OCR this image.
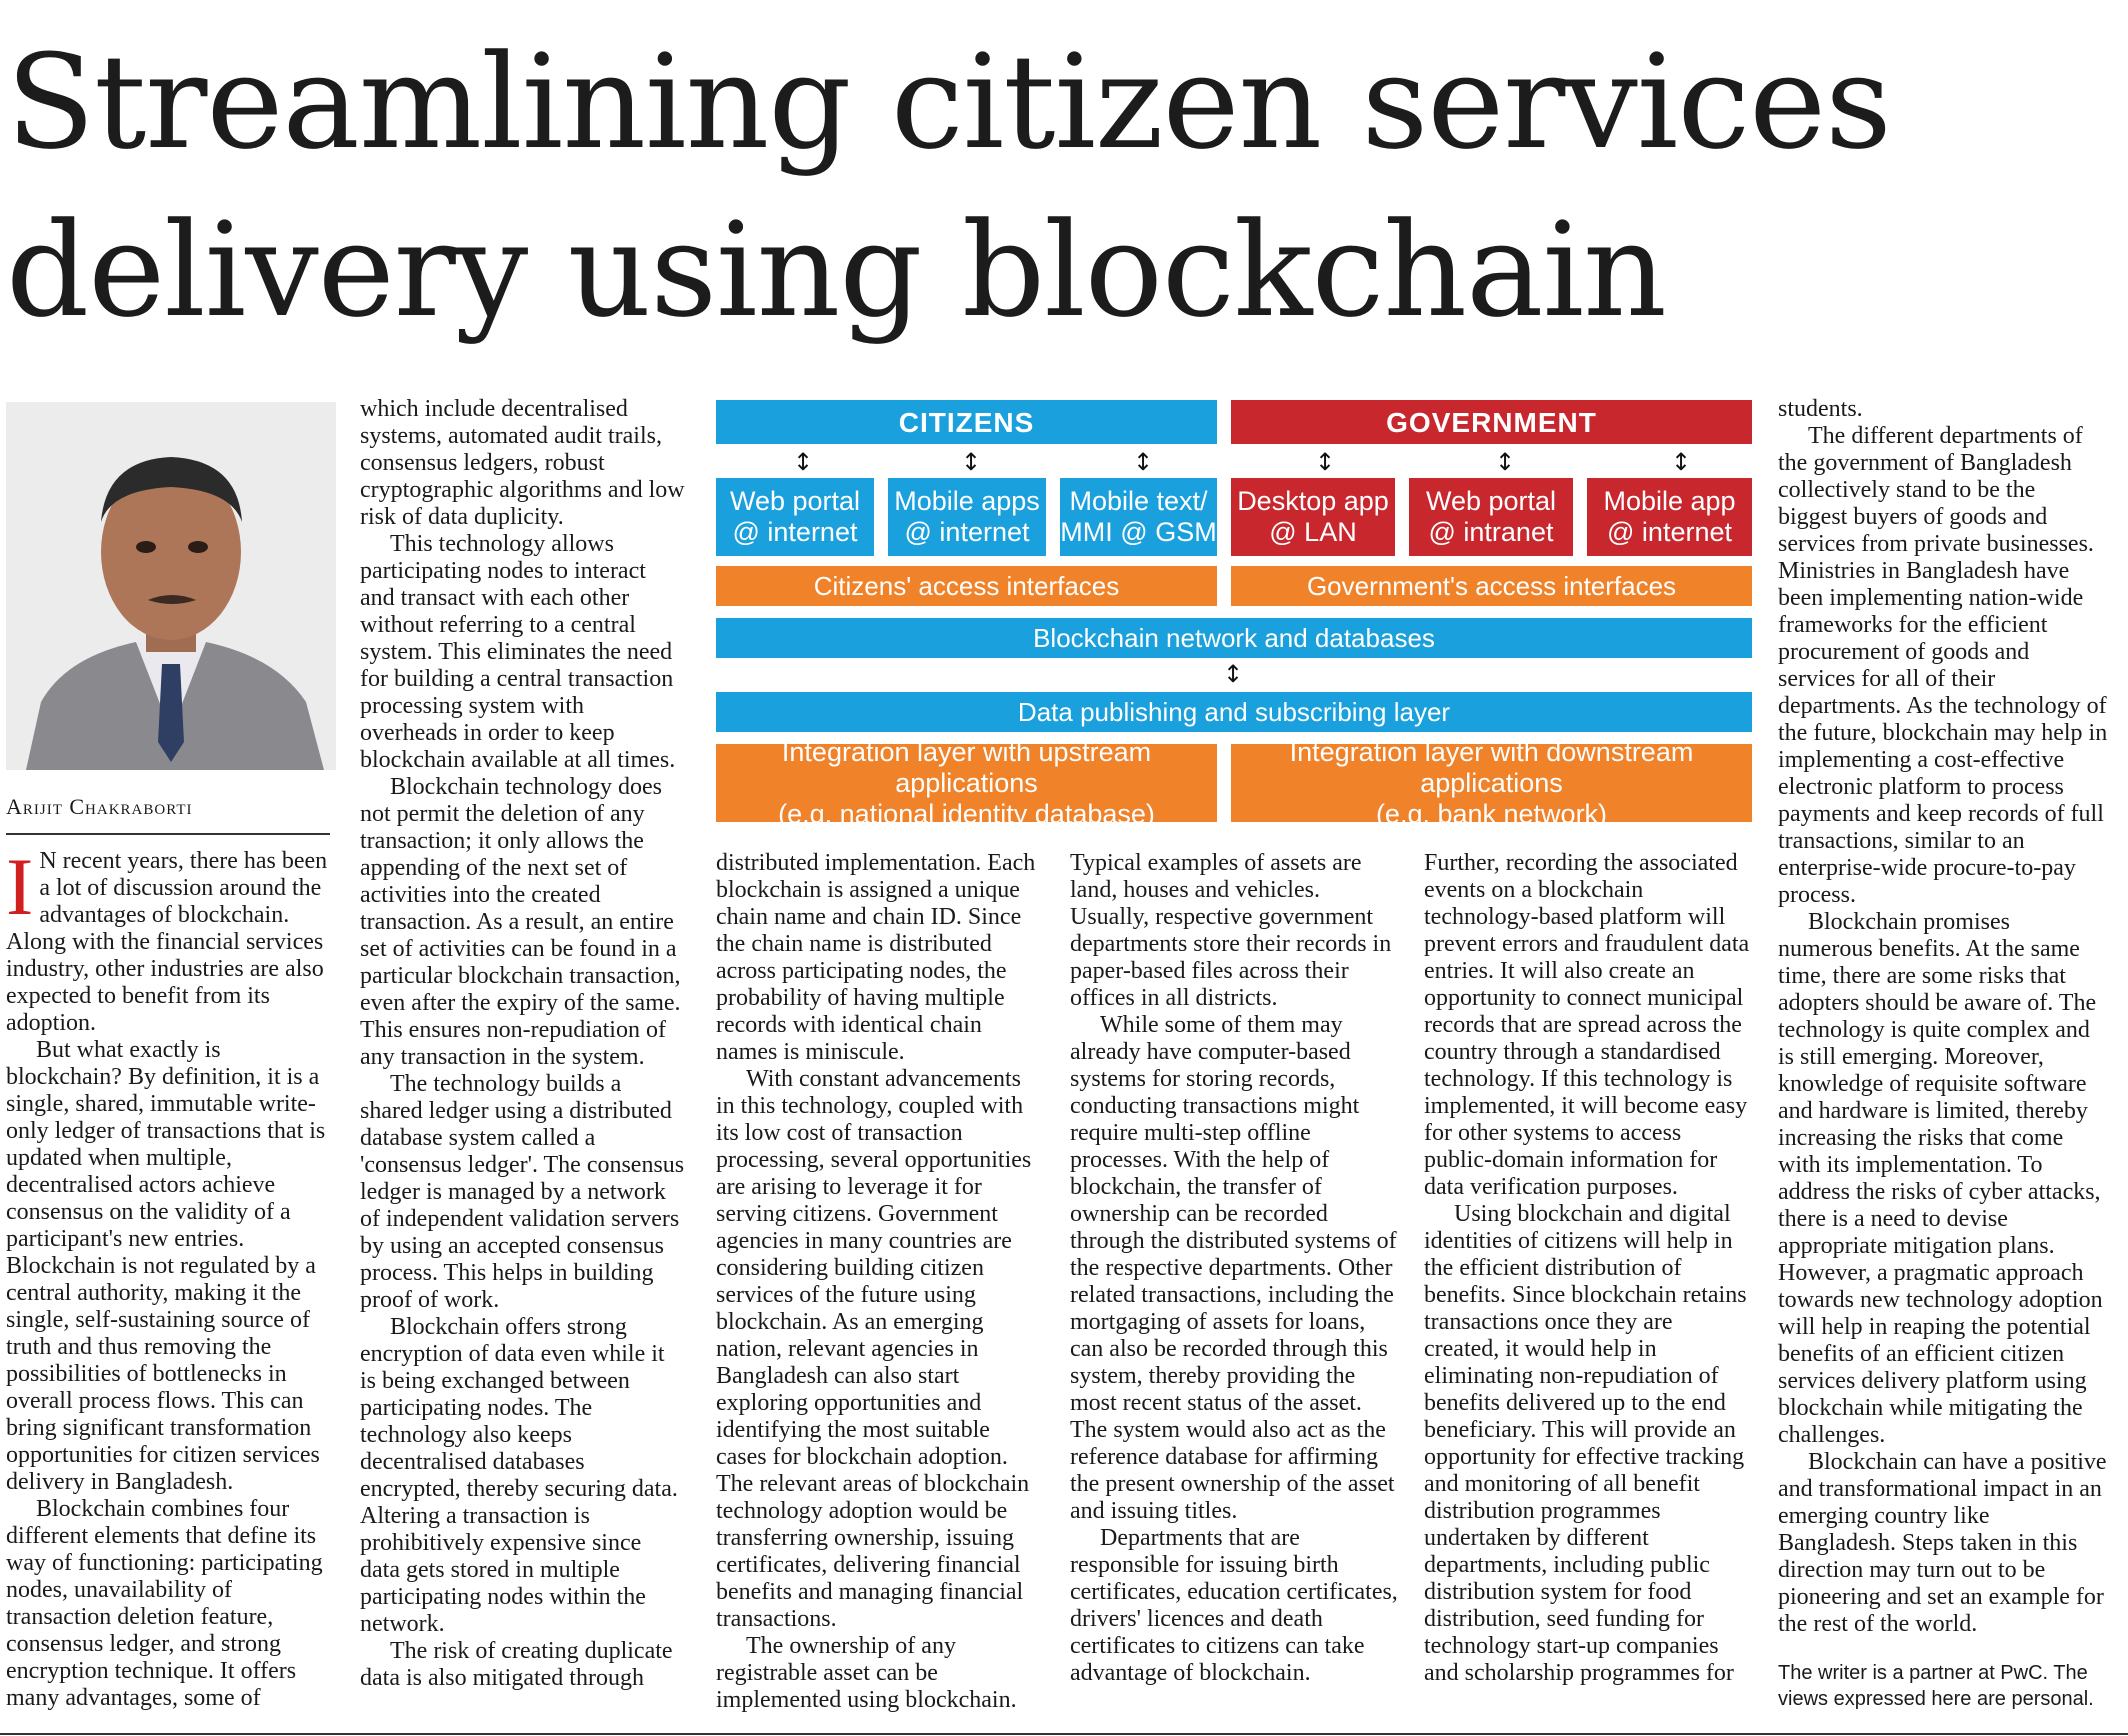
Streamlining citizen services
delivery using blockchain
Arijit Chakraborti

I N recent years, there has been a lot of discussion around the advantages of blockchain. Along with the financial services industry, other industries are also expected to benefit from its adoption.

But what exactly is blockchain? By definition, it is a single, shared, immutable write-only ledger of transactions that is updated when multiple, decentralised actors achieve consensus on the validity of a participant's new entries. Blockchain is not regulated by a central authority, making it the single, self-sustaining source of truth and thus removing the possibilities of bottlenecks in overall process flows. This can bring significant transformation opportunities for citizen services delivery in Bangladesh.

Blockchain combines four different elements that define its way of functioning: participating nodes, unavailability of transaction deletion feature, consensus ledger, and strong encryption technique. It offers many advantages, some of

which include decentralised systems, automated audit trails, consensus ledgers, robust cryptographic algorithms and low risk of data duplicity.

This technology allows participating nodes to interact and transact with each other without referring to a central system. This eliminates the need for building a central transaction processing system with overheads in order to keep blockchain available at all times.

Blockchain technology does not permit the deletion of any transaction; it only allows the appending of the next set of activities into the created transaction. As a result, an entire set of activities can be found in a particular blockchain transaction, even after the expiry of the same. This ensures non-repudiation of any transaction in the system.

The technology builds a shared ledger using a distributed database system called a 'consensus ledger'. The consensus ledger is managed by a network of independent validation servers by using an accepted consensus process. This helps in building proof of work.

Blockchain offers strong encryption of data even while it is being exchanged between participating nodes. The technology also keeps decentralised databases encrypted, thereby securing data. Altering a transaction is prohibitively expensive since data gets stored in multiple participating nodes within the network.

The risk of creating duplicate data is also mitigated through

CITIZENS	GOVERNMENT
↕	↕	↕	↕	↕	↕
Web portal
@ internet
Mobile apps
@ internet
Mobile text/
MMI @ GSM
Desktop app
@ LAN
Web portal
@ intranet
Mobile app
@ internet
Citizens' access interfaces	Government's access interfaces
Blockchain network and databases
↕
Data publishing and subscribing layer
Integration layer with upstream applications
(e.g. national identity database)
Integration layer with downstream applications
(e.g. bank network)

distributed implementation. Each blockchain is assigned a unique chain name and chain ID. Since the chain name is distributed across participating nodes, the probability of having multiple records with identical chain names is miniscule.

With constant advancements in this technology, coupled with its low cost of transaction processing, several opportunities are arising to leverage it for serving citizens. Government agencies in many countries are considering building citizen services of the future using blockchain. As an emerging nation, relevant agencies in Bangladesh can also start exploring opportunities and identifying the most suitable cases for blockchain adoption. The relevant areas of blockchain technology adoption would be transferring ownership, issuing certificates, delivering financial benefits and managing financial transactions.

The ownership of any registrable asset can be implemented using blockchain.

Typical examples of assets are land, houses and vehicles. Usually, respective government departments store their records in paper-based files across their offices in all districts.

While some of them may already have computer-based systems for storing records, conducting transactions might require multi-step offline processes. With the help of blockchain, the transfer of ownership can be recorded through the distributed systems of the respective departments. Other related transactions, including the mortgaging of assets for loans, can also be recorded through this system, thereby providing the most recent status of the asset. The system would also act as the reference database for affirming the present ownership of the asset and issuing titles.

Departments that are responsible for issuing birth certificates, education certificates, drivers' licences and death certificates to citizens can take advantage of blockchain.

Further, recording the associated events on a blockchain technology-based platform will prevent errors and fraudulent data entries. It will also create an opportunity to connect municipal records that are spread across the country through a standardised technology. If this technology is implemented, it will become easy for other systems to access public-domain information for data verification purposes.

Using blockchain and digital identities of citizens will help in the efficient distribution of benefits. Since blockchain retains transactions once they are created, it would help in eliminating non-repudiation of benefits delivered up to the end beneficiary. This will provide an opportunity for effective tracking and monitoring of all benefit distribution programmes undertaken by different departments, including public distribution system for food distribution, seed funding for technology start-up companies and scholarship programmes for

students.

The different departments of the government of Bangladesh collectively stand to be the biggest buyers of goods and services from private businesses. Ministries in Bangladesh have been implementing nation-wide frameworks for the efficient procurement of goods and services for all of their departments. As the technology of the future, blockchain may help in implementing a cost-effective electronic platform to process payments and keep records of full transactions, similar to an enterprise-wide procure-to-pay process.

Blockchain promises numerous benefits. At the same time, there are some risks that adopters should be aware of. The technology is quite complex and is still emerging. Moreover, knowledge of requisite software and hardware is limited, thereby increasing the risks that come with its implementation. To address the risks of cyber attacks, there is a need to devise appropriate mitigation plans. However, a pragmatic approach towards new technology adoption will help in reaping the potential benefits of an efficient citizen services delivery platform using blockchain while mitigating the challenges.

Blockchain can have a positive and transformational impact in an emerging country like Bangladesh. Steps taken in this direction may turn out to be pioneering and set an example for the rest of the world.

The writer is a partner at PwC. The views expressed here are personal.
